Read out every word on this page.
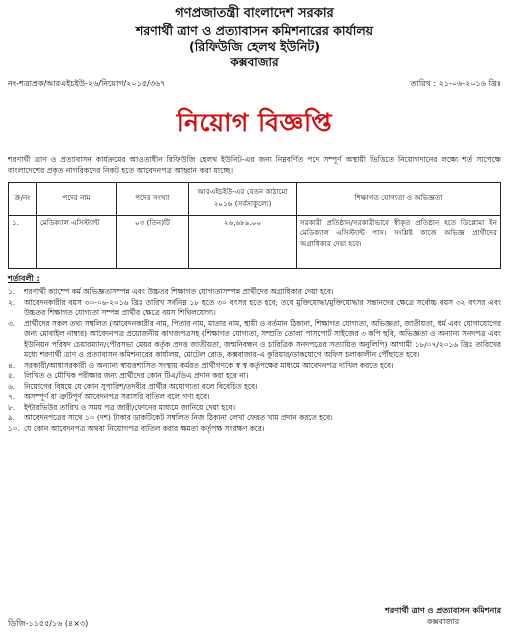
গণপ্রজাতন্ত্রী বাংলাদেশ সরকার
শরণার্থী ত্রাণ ও প্রত্যাবাসন কমিশনারের কার্যালয়
(রিফিউজি হেলথ ইউনিট)
কক্সবাজার
নং-শত্রাপ্রক/আরএইচইউ-২৬/নিয়োগ/২০১৫/৩৬৭	তারিখ : ২১-০৬-২০১৬ খ্রিঃ
নিয়োগ বিজ্ঞপ্তি
শরণার্থী ত্রাণ ও প্রত্যাবাসন কার্যক্রমের আওতাধীন রিফিউজি হেলথ ইউনিট-এর জন্য নিম্নবর্ণিত পদে সম্পূর্ণ অস্থায়ী ভিত্তিতে নিয়োগদানের লক্ষ্যে শর্ত সাপেক্ষে বাংলাদেশের প্রকৃত নাগরিকদের নিকট হতে আবেদনপত্র আহ্বান করা যাচ্ছে।
ক্র/নং	পদের নাম	পদের সংখ্যা	আরএইচইউ-এর বেতন কাঠামো ২০১৬ (সর্বসাকুল্যে)	শিক্ষাগত যোগ্যতা ও অভিজ্ঞতা
১.	মেডিক্যাল এসিস্ট্যান্ট	০৩ (তিন)টি	২৬,৬৮৯.০০	সরকারী প্রতিষ্ঠান/সরকারীভাবে স্বীকৃত প্রতিষ্ঠান হতে ডিপ্লোমা ইন মেডিক্যাল এসিস্ট্যান্ট পাস। সংশ্লিষ্ট কাজে অভিজ্ঞ প্রার্থীদের অগ্রাধিকার দেয়া হবে।
শর্তাবলী :
১.	শরণার্থী ক্যাম্পে কর্ম অভিজ্ঞতাসম্পন্ন এবং উচ্চতর শিক্ষাগত যোগ্যতাসম্পন্ন প্রার্থীদের অগ্রাধিকার দেয়া হবে।
২.	আবেদনকারীর বয়স ৩০-০৬-২০১৬ খ্রিঃ তারিখ সর্বনিম্ন ১৮ হতে ৩০ বৎসর হতে হবে; তবে মুক্তিযোদ্ধা/মুক্তিযোদ্ধার সন্তানদের ক্ষেত্রে সর্বোচ্চ বয়স ৩২ বৎসর এবং উচ্চতর শিক্ষাগত যোগ্যতা সম্পন্ন প্রার্থীর ক্ষেত্রে বয়স শিথিলযোগ্য।
৩.	প্রার্থীদের সকল তথ্য সম্বলিত (আবেদনকারীর নাম, পিতার নাম, মাতার নাম, স্থায়ী ও বর্তমান ঠিকানা, শিক্ষাগত যোগ্যতা, অভিজ্ঞতা, জাতীয়তা, ধর্ম এবং যোগাযোগের জন্য মোবাইল নাম্বার) আবেদনপত্র প্রয়োজনীয় কাগজপত্রসহ (শিক্ষাগত যোগ্যতা, সম্প্রতি তোলা পাসপোর্ট সাইজের ৩ কপি ছবি, অভিজ্ঞতা ও অন্যান্য সনদপত্র এবং ইউনিয়ন পরিষদ চেয়ারম্যান/পৌরসভা মেয়র কর্তৃক প্রদত্ত জাতীয়তা, জন্মনিবন্ধন ও চারিত্রিক সনদপত্রের সত্যায়িত অনুলিপি) আগামী ১৮/০৭/২০১৬ খ্রিঃ তারিখের মধ্যে শরণার্থী ত্রাণ ও প্রত্যাবাসন কমিশনারের কার্যালয়, মোটেল রোড, কক্সবাজার-এ কুরিয়ার/ডাকযোগে অফিস চলাকালীন পৌঁছাতে হবে।
৪.	সরকারী/আধাসরকারী ও অন্যান্য স্বায়ত্তশাসিত সংস্থায় কর্মরত প্রার্থীগণকে স্ব স্ব কর্তৃপক্ষের মাধ্যমে আবেদনপত্র দাখিল করতে হবে।
৫.	লিখিত ও মৌখিক পরীক্ষার জন্য প্রার্থীদের কোন টিএ/ডিএ প্রদান করা হবে না।
৬.	নিয়োগের বিষয়ে যে কোন সুপারিশ/তদবীর প্রার্থীর অযোগ্যতা বলে বিবেচিত হবে।
৭.	অসম্পূর্ণ বা ত্রুটিপূর্ণ আবেদনপত্র সরাসরি বাতিল বলে গণ্য হবে।
৮.	ইন্টারভিউর তারিখ ও সময় পত্র জারী/ফোনের মাধ্যমে জানিয়ে দেয়া হবে।
৯.	আবেদনপত্রের সাথে ১০ (দশ) টাকার ডাকটিকেট সম্বলিত নিজ ঠিকানা লেখা ফেরত খাম প্রদান করতে হবে।
১০. যে কোন আবেদনপত্র অথবা নিয়োগপত্র বাতিল করার ক্ষমতা কর্তৃপক্ষ সংরক্ষণ করে।
ডিজি-১১৫৫/১৬ (৪×৩)
শরণার্থী ত্রাণ ও প্রত্যাবাসন কমিশনার
কক্সবাজার
